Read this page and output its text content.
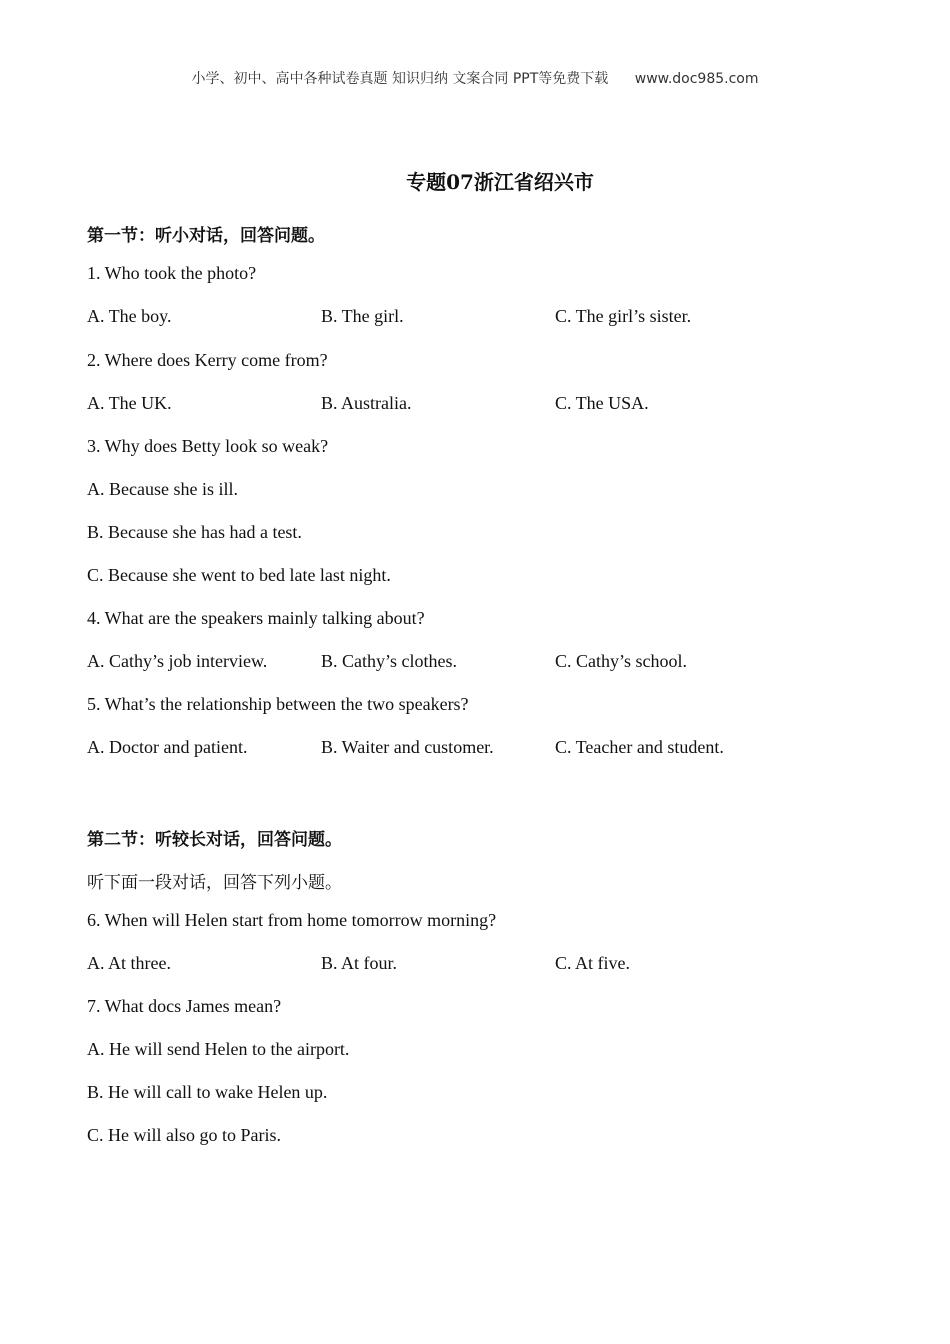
小学、初中、高中各种试卷真题 知识归纳 文案合同 PPT等免费下载 www.doc985.com
专题07浙江省绍兴市
第一节：听小对话，回答问题。
1. Who took the photo?
A. The boy.	B. The girl.	C. The girl’s sister.
2. Where does Kerry come from?
A. The UK.	B. Australia.	C. The USA.
3. Why does Betty look so weak?
A. Because she is ill.
B. Because she has had a test.
C. Because she went to bed late last night.
4. What are the speakers mainly talking about?
A. Cathy’s job interview.	B. Cathy’s clothes.	C. Cathy’s school.
5. What’s the relationship between the two speakers?
A. Doctor and patient.	B. Waiter and customer.	C. Teacher and student.
第二节：听较长对话，回答问题。
听下面一段对话，回答下列小题。
6. When will Helen start from home tomorrow morning?
A. At three.	B. At four.	C. At five.
7. What docs James mean?
A. He will send Helen to the airport.
B. He will call to wake Helen up.
C. He will also go to Paris.
